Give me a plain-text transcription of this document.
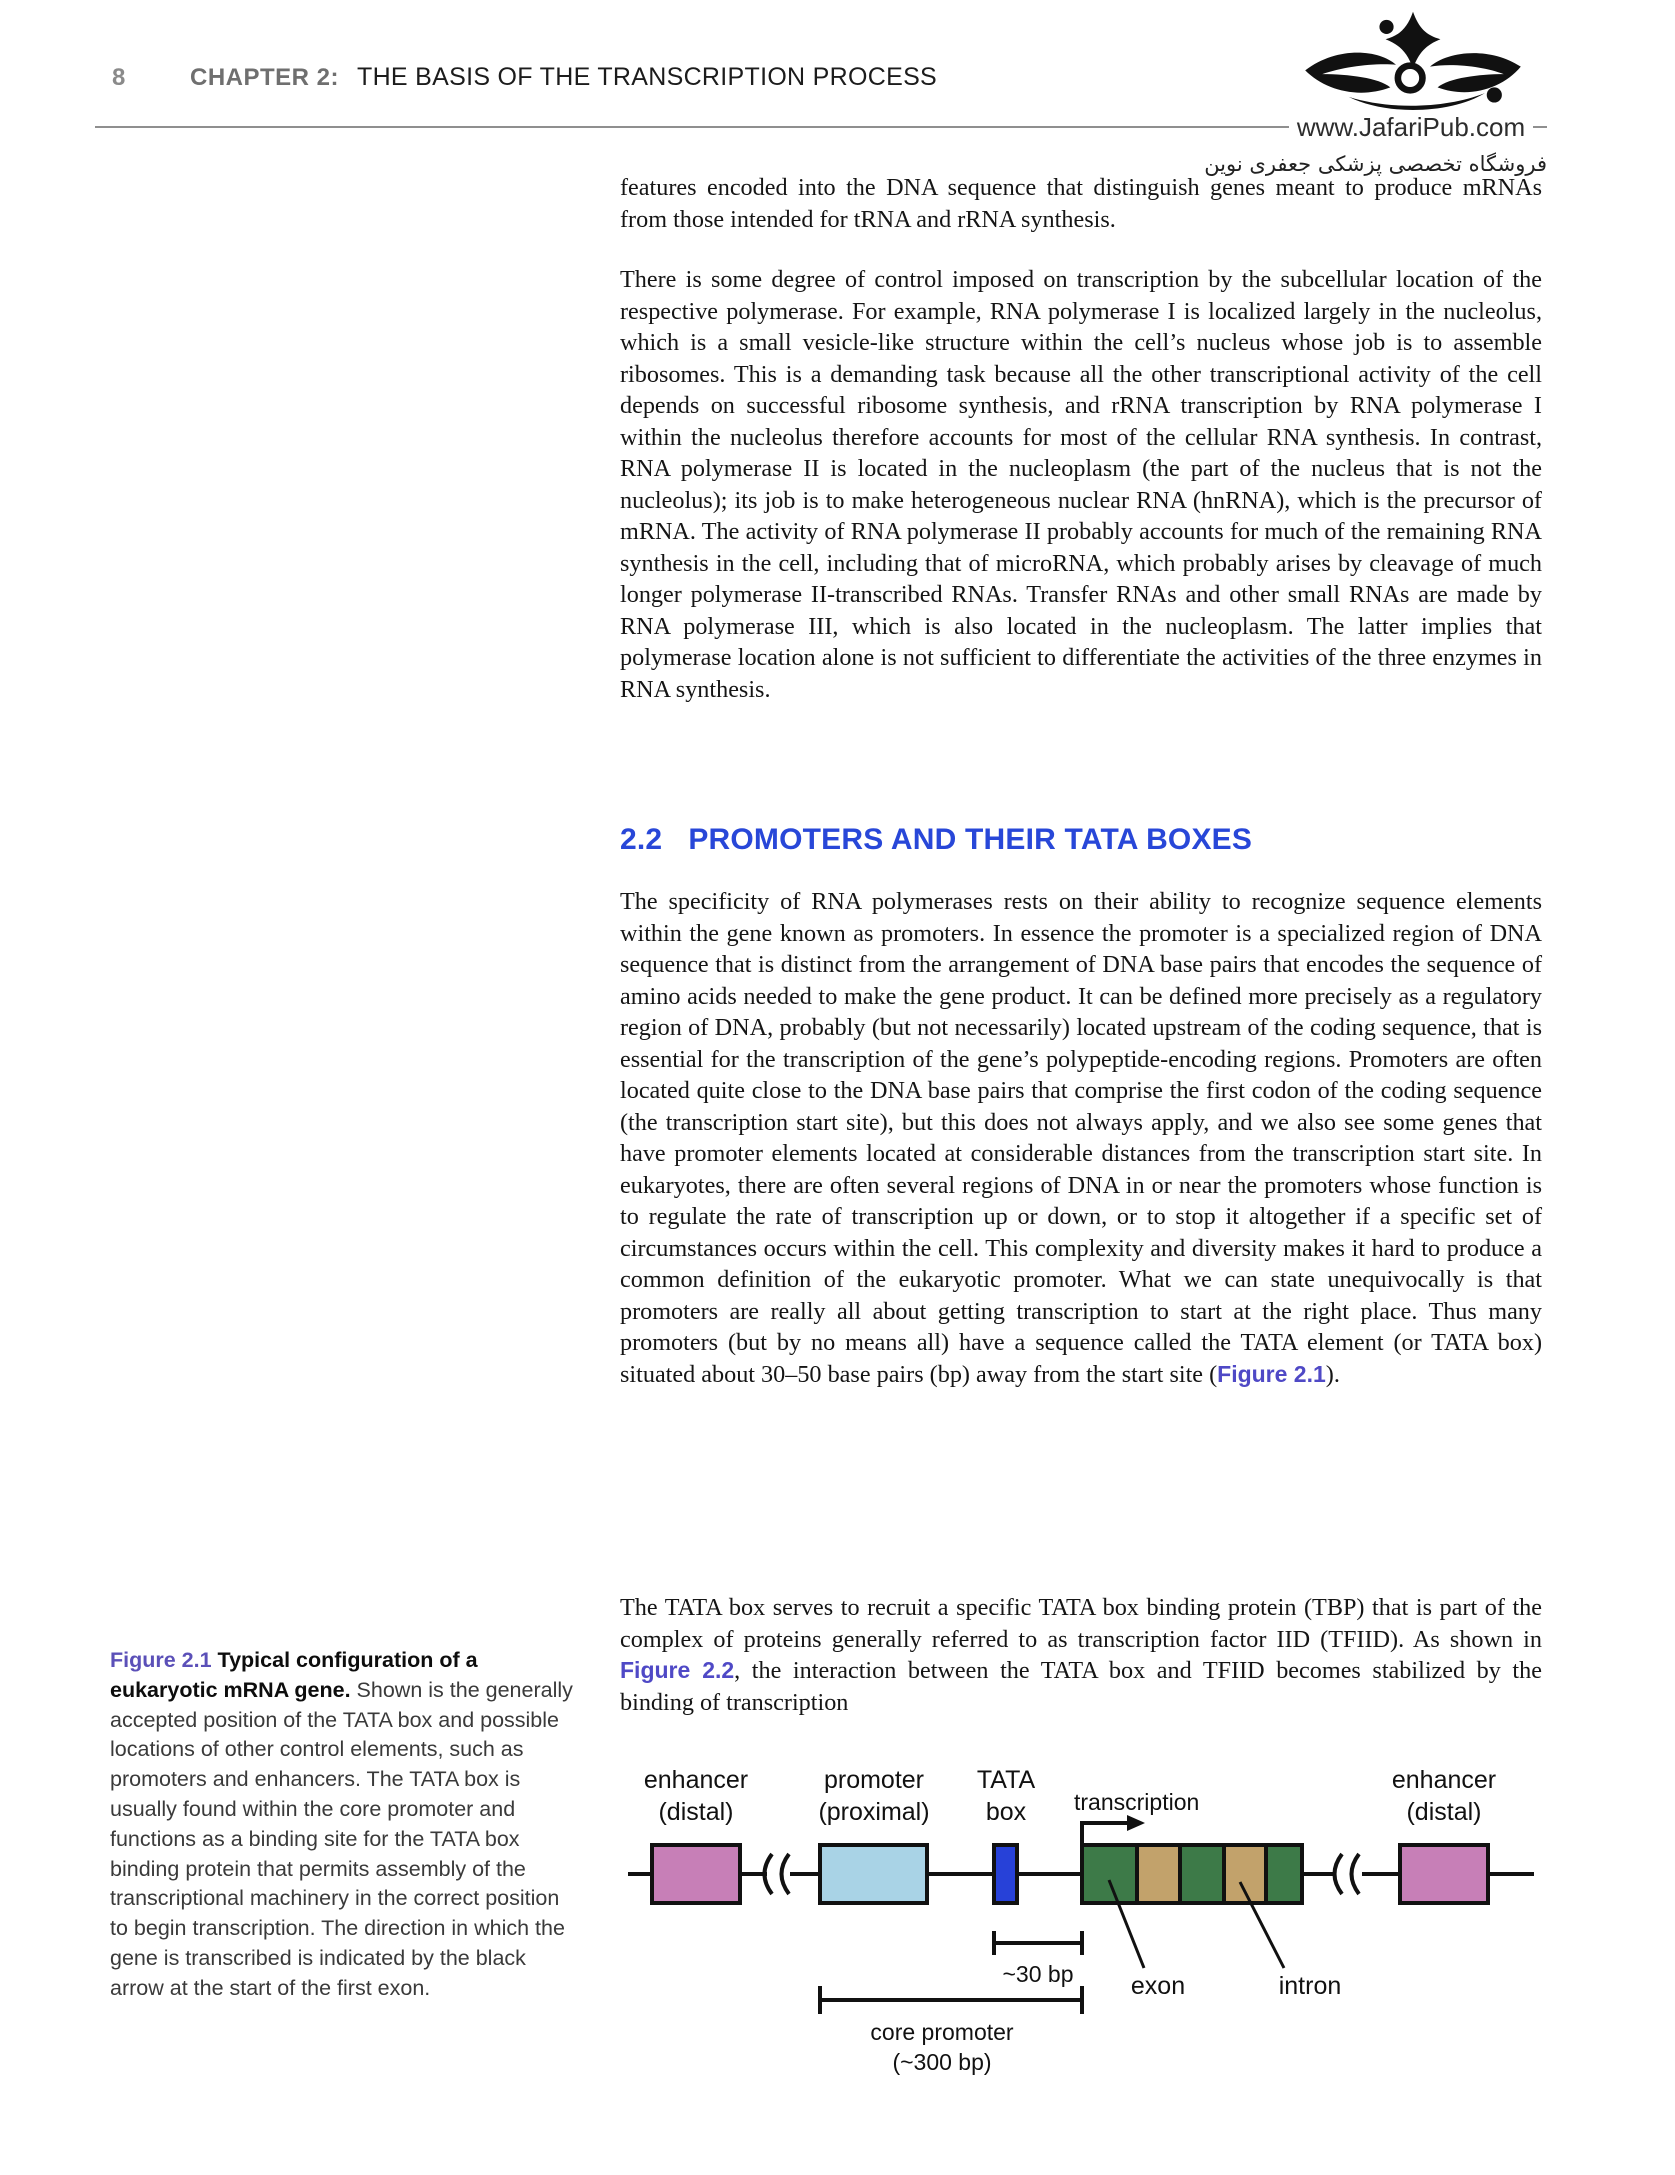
8	CHAPTER 2: THE BASIS OF THE TRANSCRIPTION PROCESS
www.JafariPub.com
فروشگاه تخصصی پزشکی جعفری نوین

features encoded into the DNA sequence that distinguish genes meant to produce mRNAs from those intended for tRNA and rRNA synthesis.

There is some degree of control imposed on transcription by the subcellular location of the respective polymerase. For example, RNA polymerase I is localized largely in the nucleolus, which is a small vesicle-like structure within the cell’s nucleus whose job is to assemble ribosomes. This is a demanding task because all the other transcriptional activity of the cell depends on successful ribosome synthesis, and rRNA transcription by RNA polymerase I within the nucleolus therefore accounts for most of the cellular RNA synthesis. In contrast, RNA polymerase II is located in the nucleoplasm (the part of the nucleus that is not the nucleolus); its job is to make heterogeneous nuclear RNA (hnRNA), which is the precursor of mRNA. The activity of RNA polymerase II probably accounts for much of the remaining RNA synthesis in the cell, including that of microRNA, which probably arises by cleavage of much longer polymerase II-transcribed RNAs. Transfer RNAs and other small RNAs are made by RNA polymerase III, which is also located in the nucleoplasm. The latter implies that polymerase location alone is not sufficient to differentiate the activities of the three enzymes in RNA synthesis.

2.2 PROMOTERS AND THEIR TATA BOXES

The specificity of RNA polymerases rests on their ability to recognize sequence elements within the gene known as promoters. In essence the promoter is a specialized region of DNA sequence that is distinct from the arrangement of DNA base pairs that encodes the sequence of amino acids needed to make the gene product. It can be defined more precisely as a regulatory region of DNA, probably (but not necessarily) located upstream of the coding sequence, that is essential for the transcription of the gene’s polypeptide-encoding regions. Promoters are often located quite close to the DNA base pairs that comprise the first codon of the coding sequence (the transcription start site), but this does not always apply, and we also see some genes that have promoter elements located at considerable distances from the transcription start site. In eukaryotes, there are often several regions of DNA in or near the promoters whose function is to regulate the rate of transcription up or down, or to stop it altogether if a specific set of circumstances occurs within the cell. This complexity and diversity makes it hard to produce a common definition of the eukaryotic promoter. What we can state unequivocally is that promoters are really all about getting transcription to start at the right place. Thus many promoters (but by no means all) have a sequence called the TATA element (or TATA box) situated about 30–50 base pairs (bp) away from the start site (Figure 2.1).

The TATA box serves to recruit a specific TATA box binding protein (TBP) that is part of the complex of proteins generally referred to as transcription factor IID (TFIID). As shown in Figure 2.2, the interaction between the TATA box and TFIID becomes stabilized by the binding of transcription

Figure 2.1 Typical configuration of a eukaryotic mRNA gene. Shown is the generally accepted position of the TATA box and possible locations of other control elements, such as promoters and enhancers. The TATA box is usually found within the core promoter and functions as a binding site for the TATA box binding protein that permits assembly of the transcriptional machinery in the correct position to begin transcription. The direction in which the gene is transcribed is indicated by the black arrow at the start of the first exon.
enhancer
(distal)
promoter
(proximal)
TATA
box transcription
exon	intron
enhancer
(distal)
~30 bp
core promoter
(~300 bp)
